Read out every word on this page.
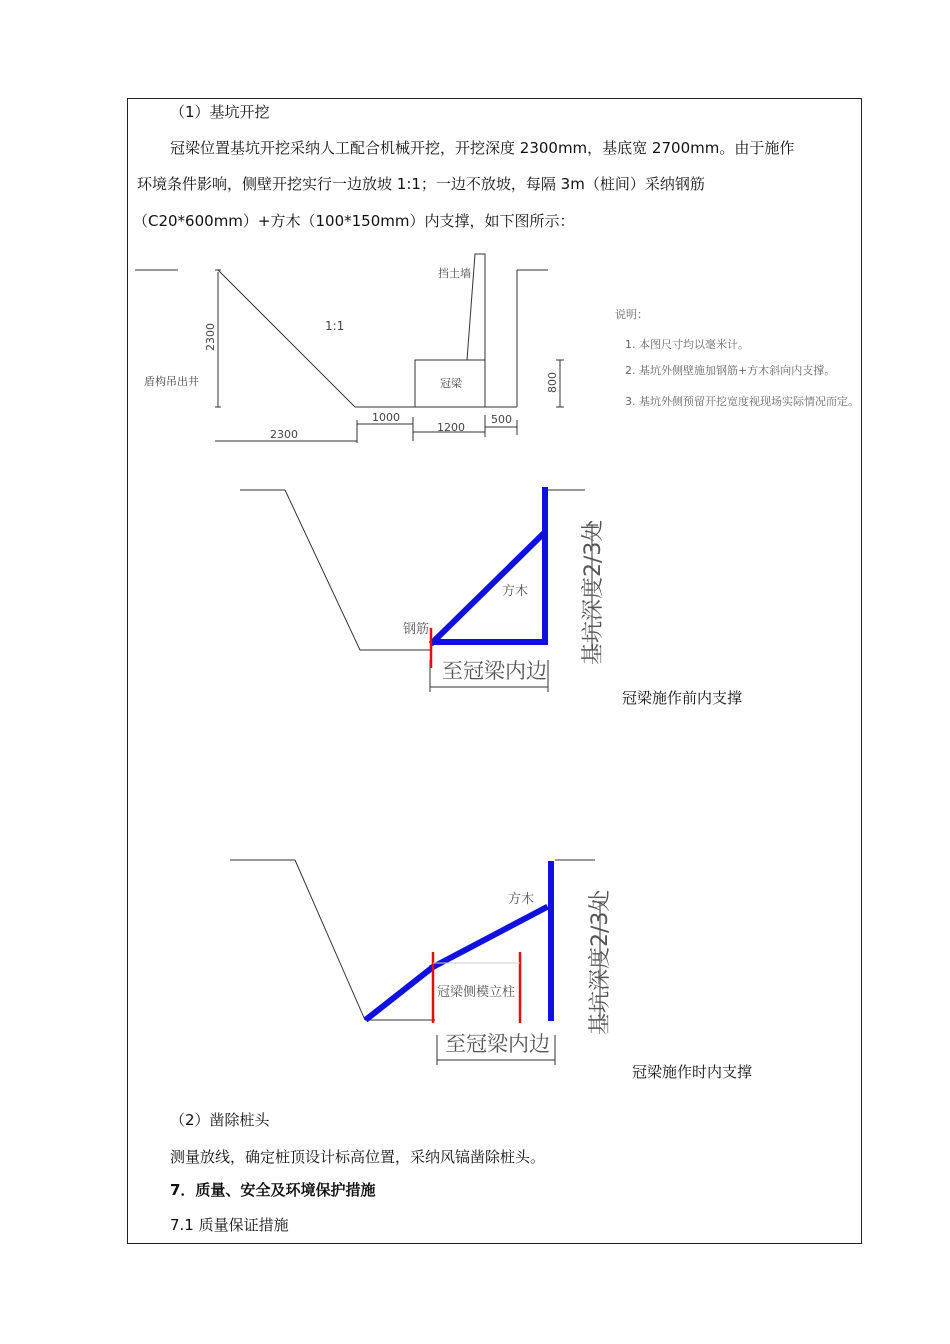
（1）基坑开挖
冠梁位置基坑开挖采纳人工配合机械开挖，开挖深度 2300mm，基底宽 2700mm。由于施作
环境条件影响，侧壁开挖实行一边放坡 1:1；一边不放坡，每隔 3m（桩间）采纳钢筋
（C20*600mm）+方木（100*150mm）内支撑，如下图所示：
挡土墙
1:1
盾构吊出井	冠梁
2300
800
1000
1200
500
2300
说明：
1. 本图尺寸均以毫米计。
2. 基坑外侧壁施加钢筋+方木斜向内支撑。
3. 基坑外侧预留开挖宽度视现场实际情况而定。
方木
钢筋	基坑深度2/3处
至冠梁内边
冠梁施作前内支撑
方木
冠梁侧模立柱	基坑深度2/3处
至冠梁内边
冠梁施作时内支撑
（2）凿除桩头
测量放线，确定桩顶设计标高位置，采纳风镐凿除桩头。
7．质量、安全及环境保护措施
7.1 质量保证措施
